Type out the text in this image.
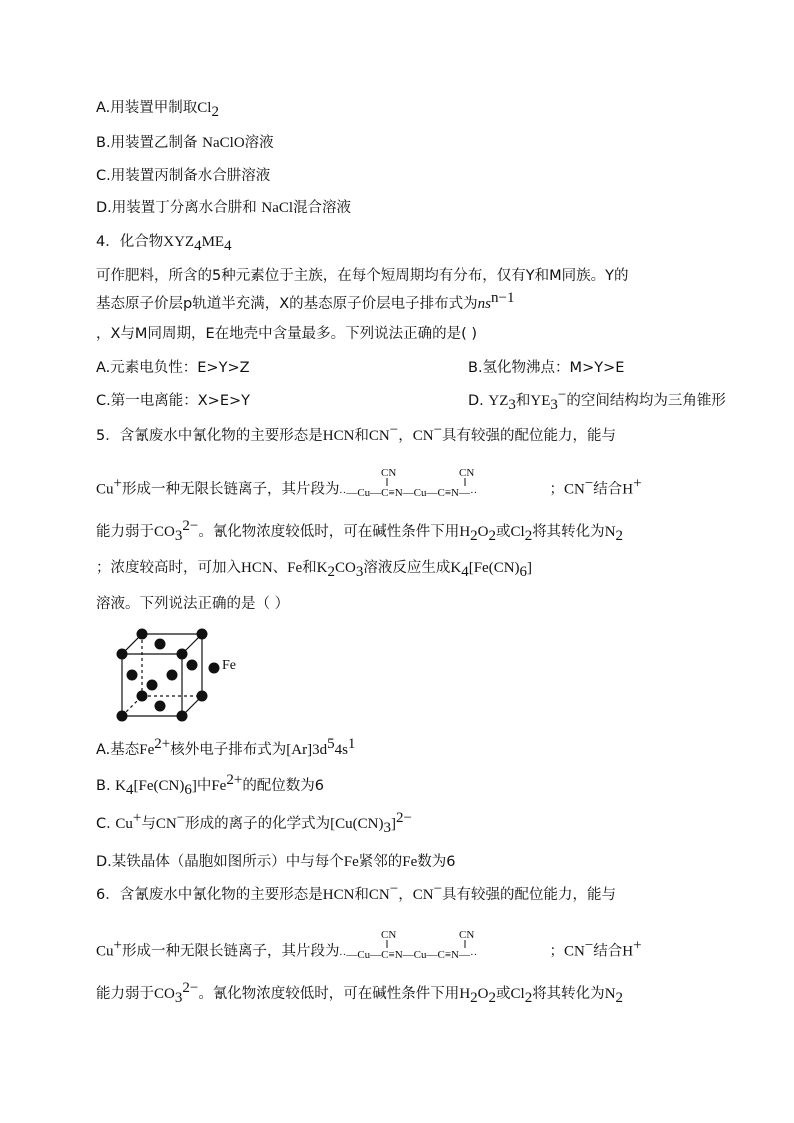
A.用装置甲制取$Cl_2$
B.用装置乙制备 NaClO溶液
C.用装置丙制备水合肼溶液
D.用装置丁分离水合肼和 NaCl混合溶液
4．化合物$XYZ_4ME_4$
可作肥料，所含的5种元素位于主族，在每个短周期均有分布，仅有Y和M同族。Y的
基态原子价层p轨道半充满，X的基态原子价层电子排布式为$ns^{n-1}$
，X与M同周期，E在地壳中含量最多。下列说法正确的是( )
A.元素电负性：E>Y>Z	B.氢化物沸点：M>Y>E
C.第一电离能：X>E>Y	D. $YZ_3$和$YE_3^-$的空间结构均为三角锥形
5．含氰废水中氰化物的主要形态是HCN和CN−，CN−具有较强的配位能力，能与
Cu+形成一种无限长链离子，其片段为
CN	CN
··—Cu—C≡N—Cu—C≡N—··	；CN−结合H+
能力弱于$CO_3^{2-}$。氰化物浓度较低时，可在碱性条件下用$H_2O_2$或$Cl_2$将其转化为$N_2$
；浓度较高时，可加入HCN、Fe和$K_2CO_3$溶液反应生成$K_4[Fe(CN)_6]$
溶液。下列说法正确的是（ ）
Fe
A.基态$Fe^{2+}$核外电子排布式为$[Ar]3d^54s^1$
B. $K_4[Fe(CN)_6]$中$Fe^{2+}$的配位数为6
C. Cu+与CN−形成的离子的化学式为$[Cu(CN)_3]^{2-}$
D.某铁晶体（晶胞如图所示）中与每个Fe紧邻的Fe数为6
6．含氰废水中氰化物的主要形态是HCN和CN−，CN−具有较强的配位能力，能与
Cu+形成一种无限长链离子，其片段为
CN	CN
··—Cu—C≡N—Cu—C≡N—··	；CN−结合H+
能力弱于$CO_3^{2-}$。氰化物浓度较低时，可在碱性条件下用$H_2O_2$或$Cl_2$将其转化为$N_2$
